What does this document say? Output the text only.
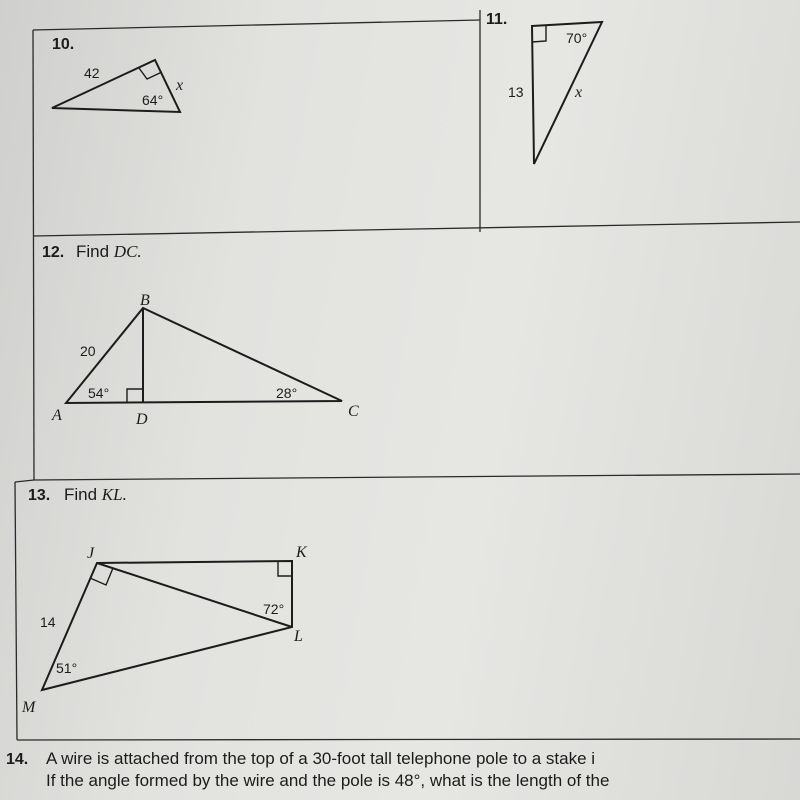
10.
42
64°
x
11.
70°
13	x
12. Find DC.
20
54°	28°
A
B
C
D
13. Find KL.
14
51°
72°
J	K
L
M
14. A wire is attached from the top of a 30-foot tall telephone pole to a stake i
If the angle formed by the wire and the pole is 48°, what is the length of the
